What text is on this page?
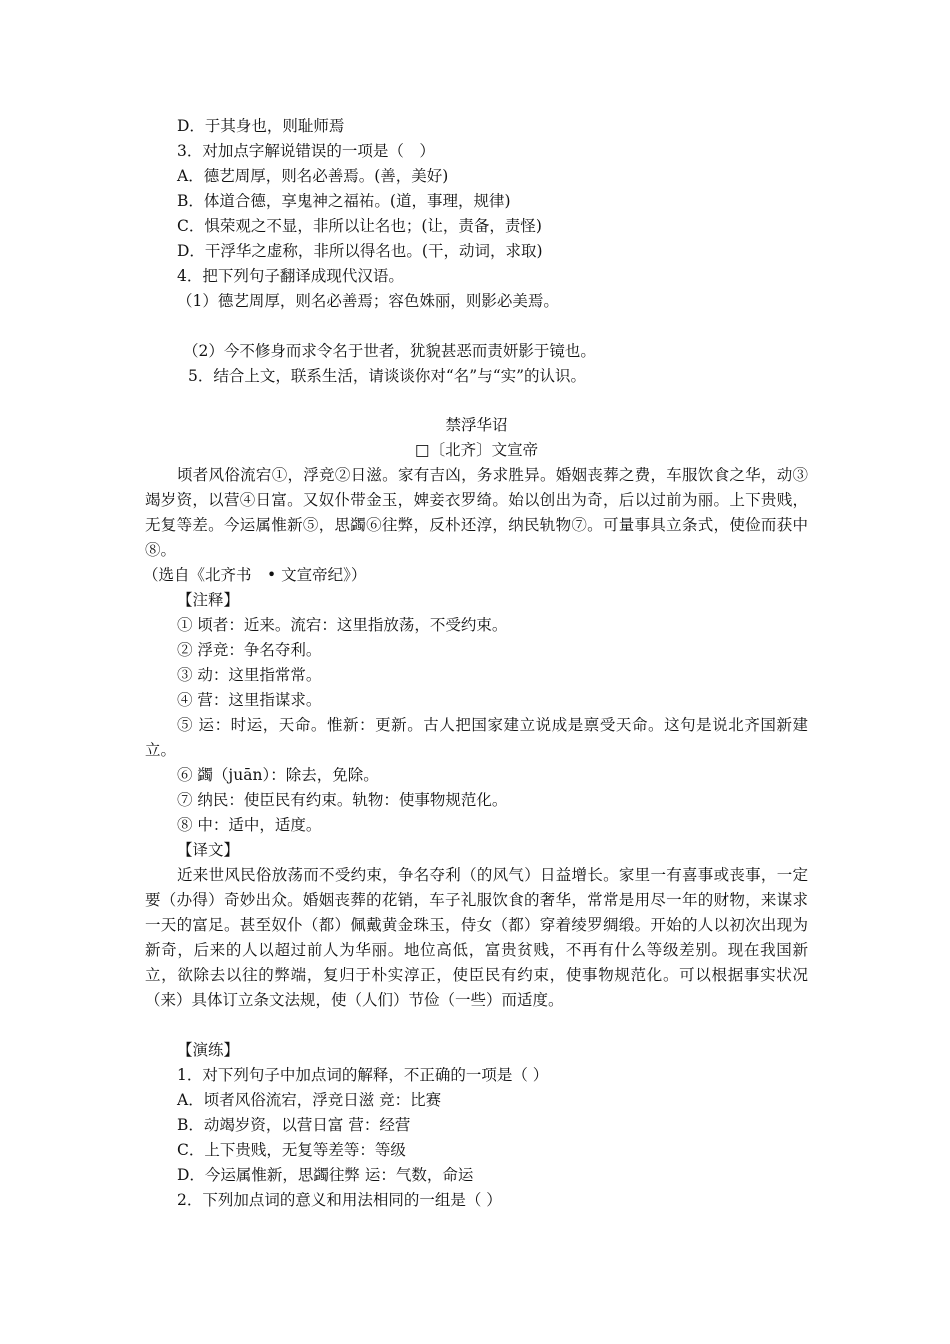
D．于其身也，则耻师焉
3．对加点字解说错误的一项是（　）
A．德艺周厚，则名必善焉。(善，美好)
B．体道合德，享鬼神之福祐。(道，事理，规律)
C．惧荣观之不显，非所以让名也；(让，责备，责怪)
D．干浮华之虚称，非所以得名也。(干，动词，求取)
4．把下列句子翻译成现代汉语。
（1）德艺周厚，则名必善焉；容色姝丽，则影必美焉。
（2）今不修身而求令名于世者，犹貌甚恶而责妍影于镜也。
5．结合上文，联系生活，请谈谈你对“名”与“实”的认识。
禁浮华诏
□〔北齐〕文宣帝
顷者风俗流宕①，浮竞②日滋。家有吉凶，务求胜异。婚姻丧葬之费，车服饮食之华，动③竭岁资，以营④日富。又奴仆带金玉，婢妾衣罗绮。始以创出为奇，后以过前为丽。上下贵贱，无复等差。今运属惟新⑤，思蠲⑥往弊，反朴还淳，纳民轨物⑦。可量事具立条式，使俭而获中⑧。
（选自《北齐书　• 文宣帝纪》）
【注释】
① 顷者：近来。流宕：这里指放荡，不受约束。
② 浮竞：争名夺利。
③ 动：这里指常常。
④ 营：这里指谋求。
⑤ 运：时运，天命。惟新：更新。古人把国家建立说成是禀受天命。这句是说北齐国新建立。
⑥ 蠲（juān）：除去，免除。
⑦ 纳民：使臣民有约束。轨物：使事物规范化。
⑧ 中：适中，适度。
【译文】
近来世风民俗放荡而不受约束，争名夺利（的风气）日益增长。家里一有喜事或丧事，一定要（办得）奇妙出众。婚姻丧葬的花销，车子礼服饮食的奢华，常常是用尽一年的财物，来谋求一天的富足。甚至奴仆（都）佩戴黄金珠玉，侍女（都）穿着绫罗绸缎。开始的人以初次出现为新奇，后来的人以超过前人为华丽。地位高低，富贵贫贱，不再有什么等级差别。现在我国新立，欲除去以往的弊端，复归于朴实淳正，使臣民有约束，使事物规范化。可以根据事实状况（来）具体订立条文法规，使（人们）节俭（一些）而适度。
【演练】
1．对下列句子中加点词的解释，不正确的一项是（ ）
A．顷者风俗流宕，浮竞日滋 竞：比赛
B．动竭岁资，以营日富 营：经营
C．上下贵贱，无复等差等：等级
D．今运属惟新，思蠲往弊 运：气数，命运
2．下列加点词的意义和用法相同的一组是（ ）
